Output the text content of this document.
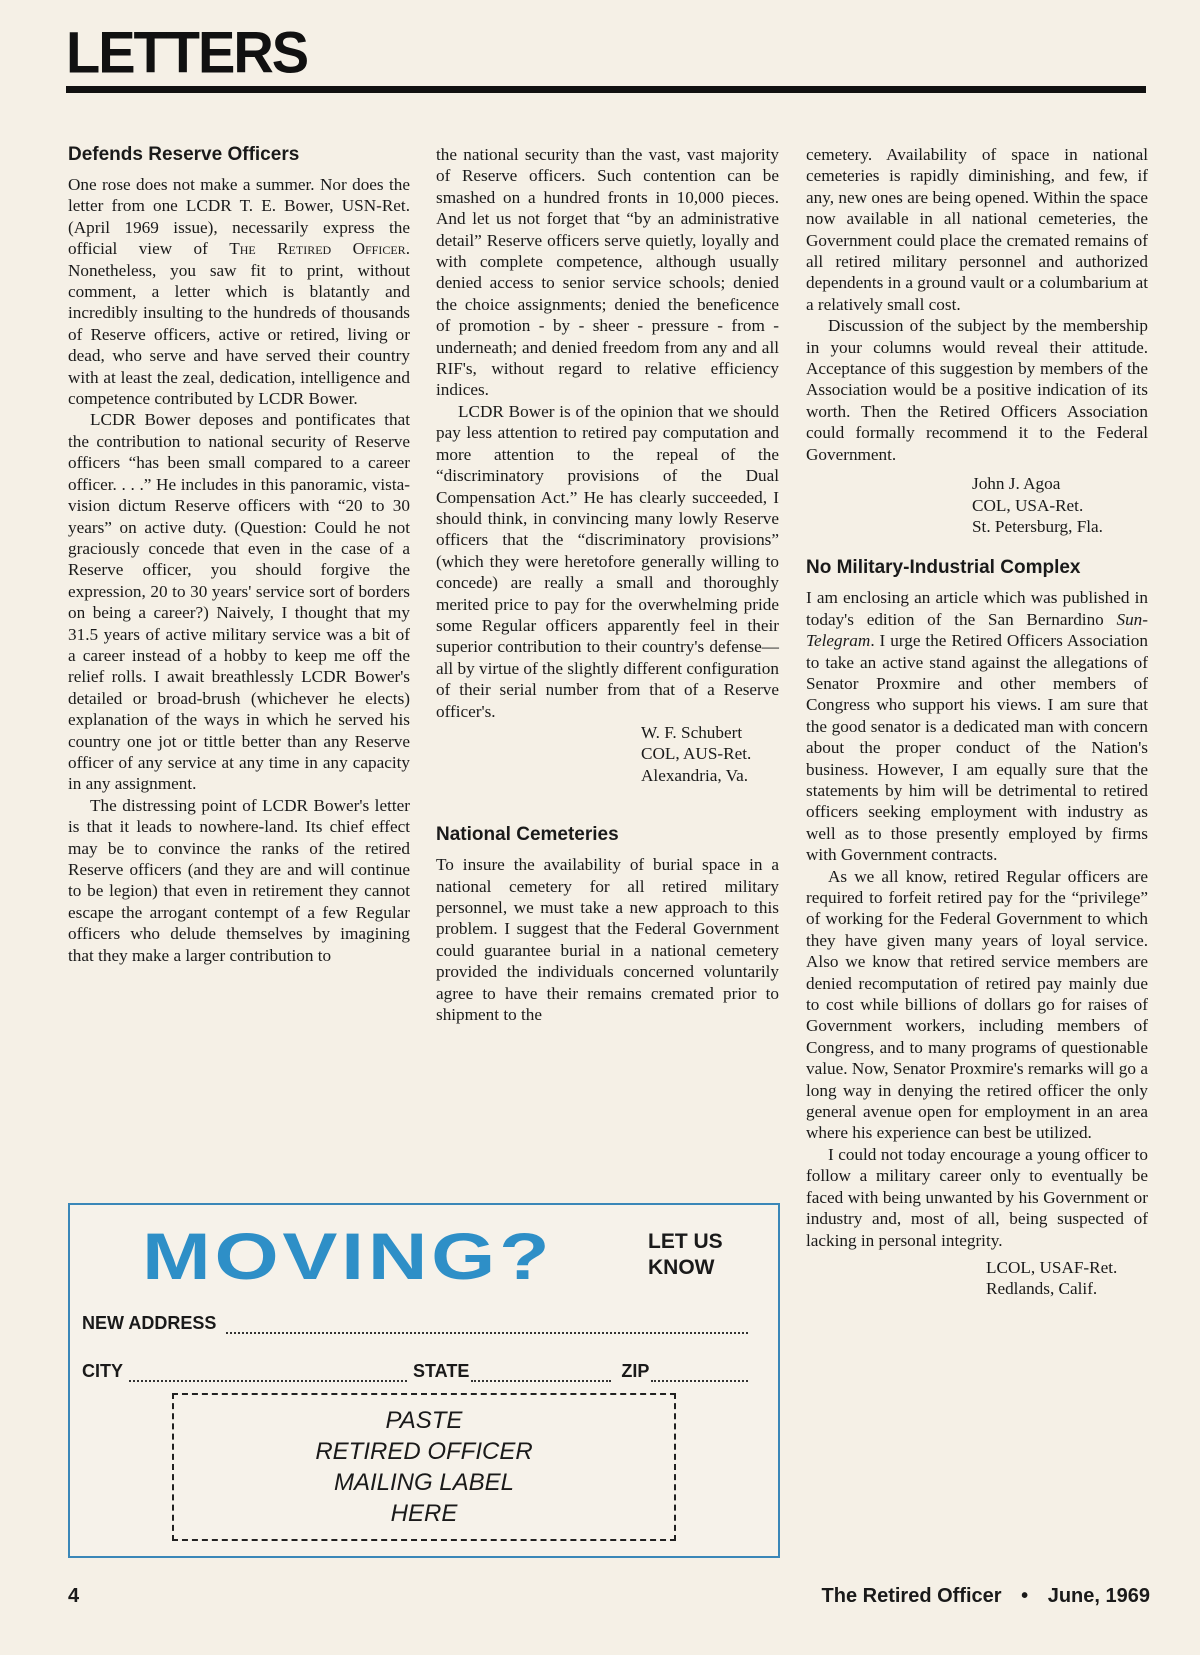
LETTERS
Defends Reserve Officers

One rose does not make a summer. Nor does the letter from one LCDR T. E. Bower, USN-Ret. (April 1969 issue), necessarily express the official view of The Retired Officer. Nonetheless, you saw fit to print, without comment, a letter which is blatantly and incredibly insulting to the hundreds of thousands of Reserve officers, active or retired, living or dead, who serve and have served their country with at least the zeal, dedication, intelligence and competence contributed by LCDR Bower.

LCDR Bower deposes and pontificates that the contribution to national security of Reserve officers “has been small compared to a career officer. . . .” He includes in this panoramic, vista-vision dictum Reserve officers with “20 to 30 years” on active duty. (Question: Could he not graciously concede that even in the case of a Reserve officer, you should forgive the expression, 20 to 30 years' service sort of borders on being a career?) Naively, I thought that my 31.5 years of active military service was a bit of a career instead of a hobby to keep me off the relief rolls. I await breathlessly LCDR Bower's detailed or broad-brush (whichever he elects) explanation of the ways in which he served his country one jot or tittle better than any Reserve officer of any service at any time in any capacity in any assignment.

The distressing point of LCDR Bower's letter is that it leads to nowhere-land. Its chief effect may be to convince the ranks of the retired Reserve officers (and they are and will continue to be legion) that even in retirement they cannot escape the arrogant contempt of a few Regular officers who delude themselves by imagining that they make a larger contribution to

the national security than the vast, vast majority of Reserve officers. Such contention can be smashed on a hundred fronts in 10,000 pieces. And let us not forget that “by an administrative detail” Reserve officers serve quietly, loyally and with complete competence, although usually denied access to senior service schools; denied the choice assignments; denied the beneficence of promotion - by - sheer - pressure - from - underneath; and denied freedom from any and all RIF's, without regard to relative efficiency indices.

LCDR Bower is of the opinion that we should pay less attention to retired pay computation and more attention to the repeal of the “discriminatory provisions of the Dual Compensation Act.” He has clearly succeeded, I should think, in convincing many lowly Reserve officers that the “discriminatory provisions” (which they were heretofore generally willing to concede) are really a small and thoroughly merited price to pay for the overwhelming pride some Regular officers apparently feel in their superior contribution to their country's defense—all by virtue of the slightly different configuration of their serial number from that of a Reserve officer's.

W. F. Schubert
COL, AUS-Ret.
Alexandria, Va.
National Cemeteries

To insure the availability of burial space in a national cemetery for all retired military personnel, we must take a new approach to this problem. I suggest that the Federal Government could guarantee burial in a national cemetery provided the individuals concerned voluntarily agree to have their remains cremated prior to shipment to the

cemetery. Availability of space in national cemeteries is rapidly diminishing, and few, if any, new ones are being opened. Within the space now available in all national cemeteries, the Government could place the cremated remains of all retired military personnel and authorized dependents in a ground vault or a columbarium at a relatively small cost.

Discussion of the subject by the membership in your columns would reveal their attitude. Acceptance of this suggestion by members of the Association would be a positive indication of its worth. Then the Retired Officers Association could formally recommend it to the Federal Government.

John J. Agoa
COL, USA-Ret.
St. Petersburg, Fla.
No Military-Industrial Complex

I am enclosing an article which was published in today's edition of the San Bernardino Sun-Telegram. I urge the Retired Officers Association to take an active stand against the allegations of Senator Proxmire and other members of Congress who support his views. I am sure that the good senator is a dedicated man with concern about the proper conduct of the Nation's business. However, I am equally sure that the statements by him will be detrimental to retired officers seeking employment with industry as well as to those presently employed by firms with Government contracts.

As we all know, retired Regular officers are required to forfeit retired pay for the “privilege” of working for the Federal Government to which they have given many years of loyal service. Also we know that retired service members are denied recomputation of retired pay mainly due to cost while billions of dollars go for raises of Government workers, including members of Congress, and to many programs of questionable value. Now, Senator Proxmire's remarks will go a long way in denying the retired officer the only general avenue open for employment in an area where his experience can best be utilized.

I could not today encourage a young officer to follow a military career only to eventually be faced with being unwanted by his Government or industry and, most of all, being suspected of lacking in personal integrity.

LCOL, USAF-Ret.
Redlands, Calif.
MOVING?	LET US
KNOW
NEW ADDRESS
CITY	STATE	ZIP
PASTE
RETIRED OFFICER
MAILING LABEL
HERE
4	The Retired Officer • June, 1969
